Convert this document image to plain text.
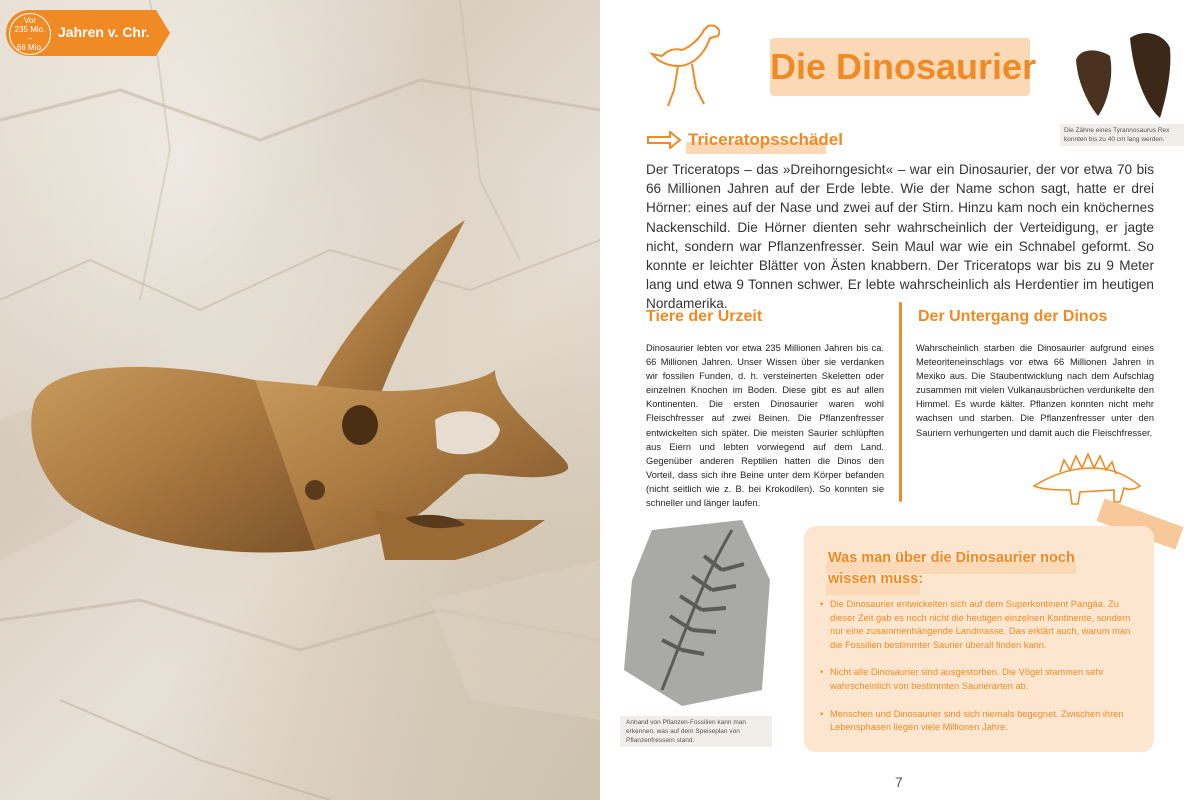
Vor
235 Mio.
–
66 Mio.
Jahren v. Chr.
Die Dinosaurier
Die Zähne eines Tyrannosaurus Rex konnten bis zu 40 cm lang werden.
Triceratopsschädel
Der Triceratops – das »Dreihorngesicht« – war ein Dinosaurier, der vor etwa 70 bis 66 Millionen Jahren auf der Erde lebte. Wie der Name schon sagt, hatte er drei Hörner: eines auf der Nase und zwei auf der Stirn. Hinzu kam noch ein knöchernes Nackenschild. Die Hörner dienten sehr wahrscheinlich der Verteidigung, er jagte nicht, sondern war Pflanzenfresser. Sein Maul war wie ein Schnabel geformt. So konnte er leichter Blätter von Ästen knabbern. Der Triceratops war bis zu 9 Meter lang und etwa 9 Tonnen schwer. Er lebte wahrscheinlich als Herdentier im heutigen Nordamerika.
Tiere der Urzeit
Dinosaurier lebten vor etwa 235 Millionen Jahren bis ca. 66 Millionen Jahren. Unser Wissen über sie verdanken wir fossilen Funden, d. h. versteinerten Skeletten oder einzelnen Knochen im Boden. Diese gibt es auf allen Kontinenten. Die ersten Dinosaurier waren wohl Fleischfresser auf zwei Beinen. Die Pflanzenfresser entwickelten sich später. Die meisten Saurier schlüpften aus Eiern und lebten vorwiegend auf dem Land. Gegenüber anderen Reptilien hatten die Dinos den Vorteil, dass sich ihre Beine unter dem Körper befanden (nicht seitlich wie z. B. bei Krokodilen). So konnten sie schneller und länger laufen.
Der Untergang der Dinos
Wahrscheinlich starben die Dinosaurier aufgrund eines Meteoriteneinschlags vor etwa 66 Millionen Jahren in Mexiko aus. Die Staubentwicklung nach dem Aufschlag zusammen mit vielen Vulkanausbrüchen verdunkelte den Himmel. Es wurde kälter. Pflanzen konnten nicht mehr wachsen und starben. Die Pflanzenfresser unter den Sauriern verhungerten und damit auch die Fleischfresser.
Anhand von Pflanzen-Fossilien kann man erkennen, was auf dem Speiseplan von Pflanzenfressern stand.
Was man über die Dinosaurier noch wissen muss:
• Die Dinosaurier entwickelten sich auf dem Superkontinent Pangäa. Zu dieser Zeit gab es noch nicht die heutigen einzelnen Kontinente, sondern nur eine zusammenhängende Landmasse. Das erklärt auch, warum man die Fossilien bestimmter Saurier überall finden kann.
• Nicht alle Dinosaurier sind ausgestorben. Die Vögel stammen sehr wahrscheinlich von bestimmten Saurierarten ab.
• Menschen und Dinosaurier sind sich niemals begegnet. Zwischen ihren Lebensphasen liegen viele Millionen Jahre.
7
